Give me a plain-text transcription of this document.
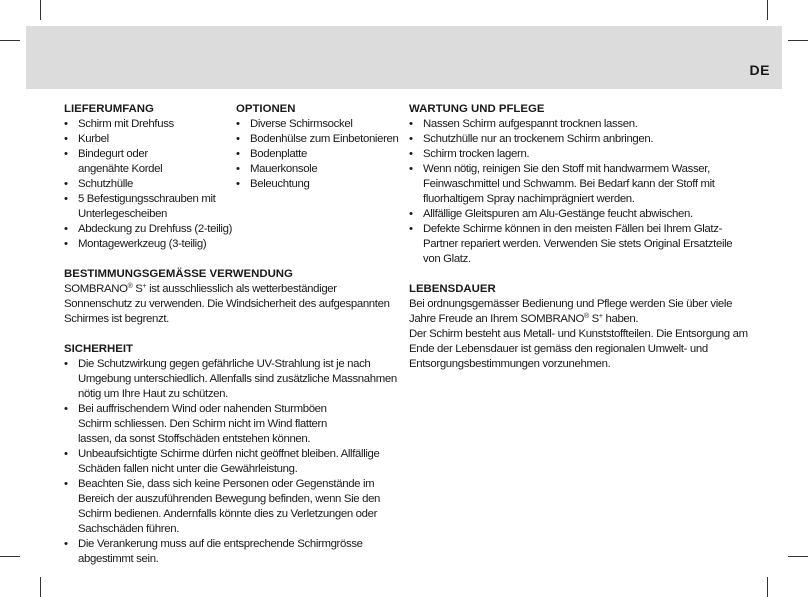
DE
LIEFERUMFANG
• Schirm mit Drehfuss
• Kurbel
• Bindegurt oder angenähte Kordel
• Schutzhülle
• 5 Befestigungsschrauben mit Unterlegescheiben
• Abdeckung zu Drehfuss (2-teilig)
• Montagewerkzeug (3-teilig)
BESTIMMUNGSGEMÄSSE VERWENDUNG

SOMBRANO® S+ ist ausschliesslich als wetterbeständiger Sonnenschutz zu verwenden. Die Windsicherheit des aufgespannten Schirmes ist begrenzt.

SICHERHEIT
• Die Schutzwirkung gegen gefährliche UV-Strahlung ist je nach Umgebung unterschiedlich. Allenfalls sind zusätzliche Massnahmen nötig um Ihre Haut zu schützen.
• Bei auffrischendem Wind oder nahenden Sturmböen Schirm schliessen. Den Schirm nicht im Wind flattern lassen, da sonst Stoffschäden entstehen können.
• Unbeaufsichtigte Schirme dürfen nicht geöffnet bleiben. Allfällige Schäden fallen nicht unter die Gewährleistung.
• Beachten Sie, dass sich keine Personen oder Gegenstände im Bereich der auszuführenden Bewegung befinden, wenn Sie den Schirm bedienen. Andernfalls könnte dies zu Verletzungen oder Sachschäden führen.
• Die Verankerung muss auf die entsprechende Schirmgrösse abgestimmt sein.
OPTIONEN
• Diverse Schirmsockel
• Bodenhülse zum Einbetonieren
• Bodenplatte
• Mauerkonsole
• Beleuchtung
WARTUNG UND PFLEGE
• Nassen Schirm aufgespannt trocknen lassen.
• Schutzhülle nur an trockenem Schirm anbringen.
• Schirm trocken lagern.
• Wenn nötig, reinigen Sie den Stoff mit handwarmem Wasser, Feinwaschmittel und Schwamm. Bei Bedarf kann der Stoff mit fluorhaltigem Spray nachimprägniert werden.
• Allfällige Gleitspuren am Alu-Gestänge feucht abwischen.
• Defekte Schirme können in den meisten Fällen bei Ihrem Glatz-Partner repariert werden. Verwenden Sie stets Original Ersatzteile von Glatz.
LEBENSDAUER

Bei ordnungsgemässer Bedienung und Pflege werden Sie über viele Jahre Freude an Ihrem SOMBRANO® S+ haben.

Der Schirm besteht aus Metall- und Kunststoffteilen. Die Entsorgung am Ende der Lebensdauer ist gemäss den regionalen Umwelt- und Entsorgungsbestimmungen vorzunehmen.
